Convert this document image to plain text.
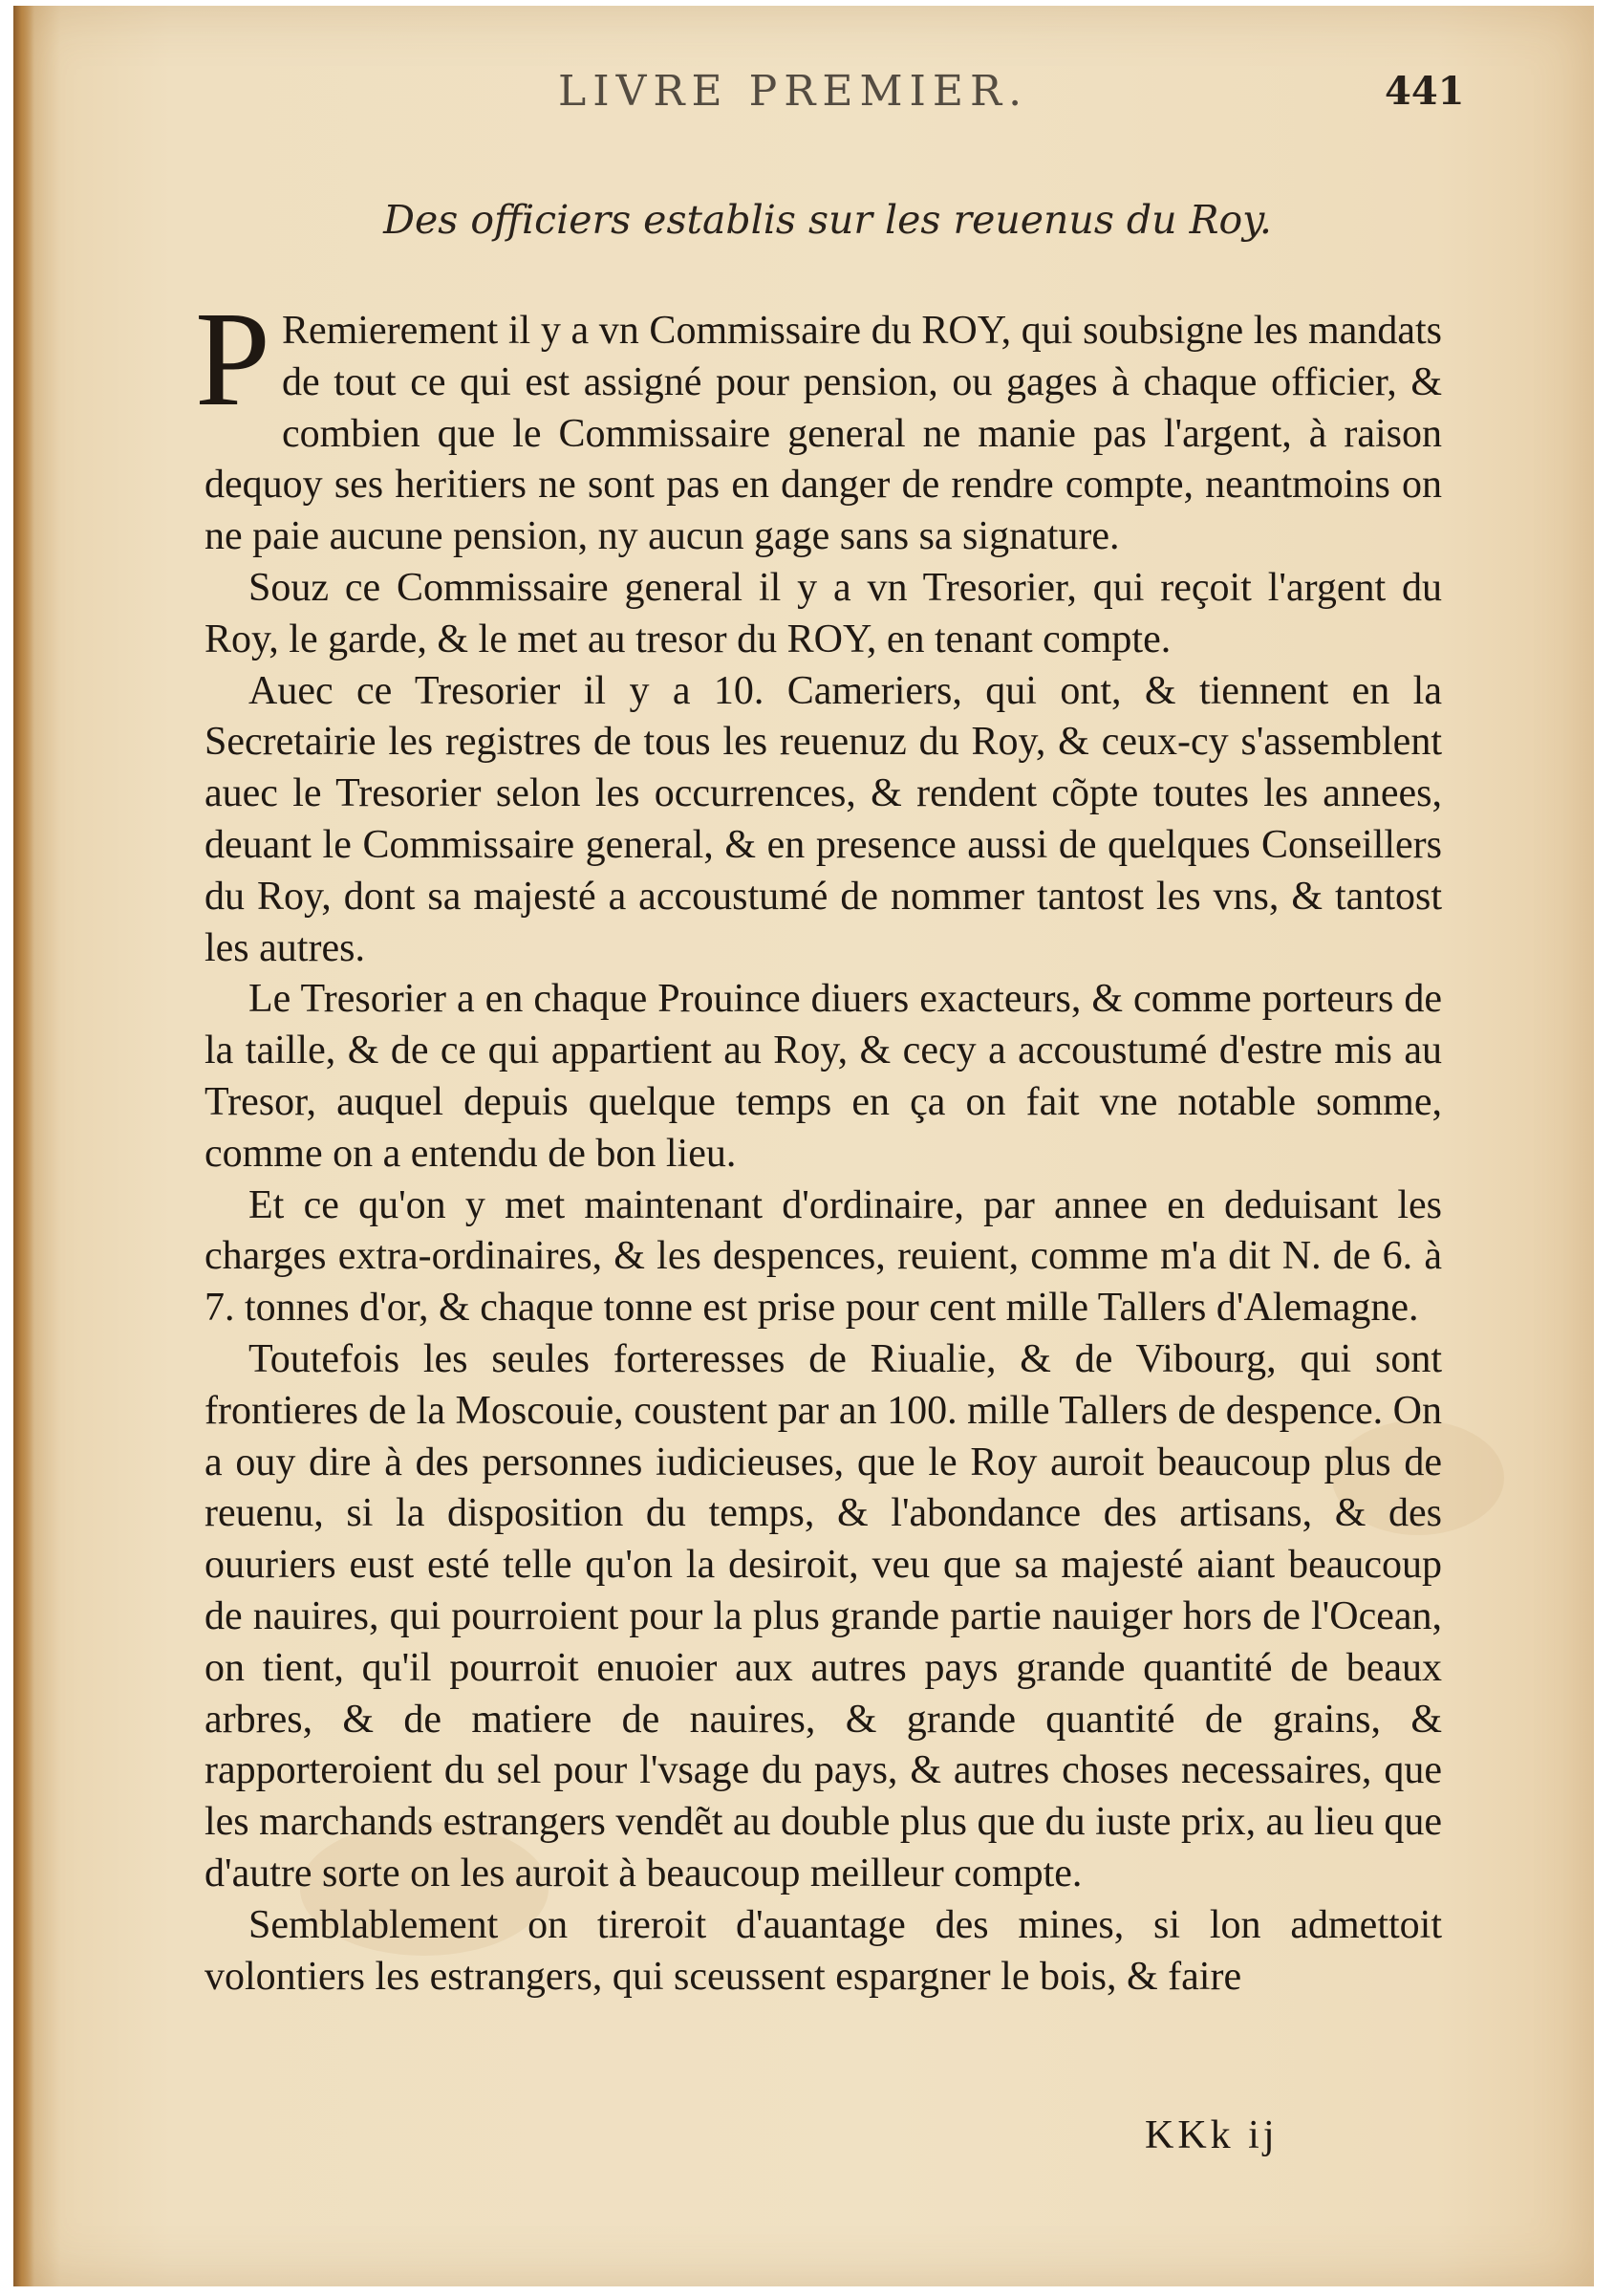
LIVRE PREMIER.	441
Des officiers establis sur les reuenus du Roy.

P Remierement il y a vn Commissaire du ROY, qui soubsigne les mandats de tout ce qui est assigné pour pension, ou gages à chaque officier, & combien que le Commissaire general ne manie pas l'argent, à raison dequoy ses heritiers ne sont pas en danger de rendre compte, neantmoins on ne paie aucune pension, ny aucun gage sans sa signature.

Souz ce Commissaire general il y a vn Tresorier, qui reçoit l'argent du Roy, le garde, & le met au tresor du ROY, en tenant compte.

Auec ce Tresorier il y a 10. Cameriers, qui ont, & tiennent en la Secretairie les registres de tous les reuenuz du Roy, & ceux-cy s'assemblent auec le Tresorier selon les occurrences, & rendent cõpte toutes les annees, deuant le Commissaire general, & en presence aussi de quelques Conseillers du Roy, dont sa majesté a accoustumé de nommer tantost les vns, & tantost les autres.

Le Tresorier a en chaque Prouince diuers exacteurs, & comme porteurs de la taille, & de ce qui appartient au Roy, & cecy a accoustumé d'estre mis au Tresor, auquel depuis quelque temps en ça on fait vne notable somme, comme on a entendu de bon lieu.

Et ce qu'on y met maintenant d'ordinaire, par annee en deduisant les charges extra-ordinaires, & les despences, reuient, comme m'a dit N. de 6. à 7. tonnes d'or, & chaque tonne est prise pour cent mille Tallers d'Alemagne.

Toutefois les seules forteresses de Riualie, & de Vibourg, qui sont frontieres de la Moscouie, coustent par an 100. mille Tallers de despence. On a ouy dire à des personnes iudicieuses, que le Roy auroit beaucoup plus de reuenu, si la disposition du temps, & l'abondance des artisans, & des ouuriers eust esté telle qu'on la desiroit, veu que sa majesté aiant beaucoup de nauires, qui pourroient pour la plus grande partie nauiger hors de l'Ocean, on tient, qu'il pourroit enuoier aux autres pays grande quantité de beaux arbres, & de matiere de nauires, & grande quantité de grains, & rapporteroient du sel pour l'vsage du pays, & autres choses necessaires, que les marchands estrangers vendẽt au double plus que du iuste prix, au lieu que d'autre sorte on les auroit à beaucoup meilleur compte.

Semblablement on tireroit d'auantage des mines, si lon admettoit volontiers les estrangers, qui sceussent espargner le bois, & faire

KKk ij
